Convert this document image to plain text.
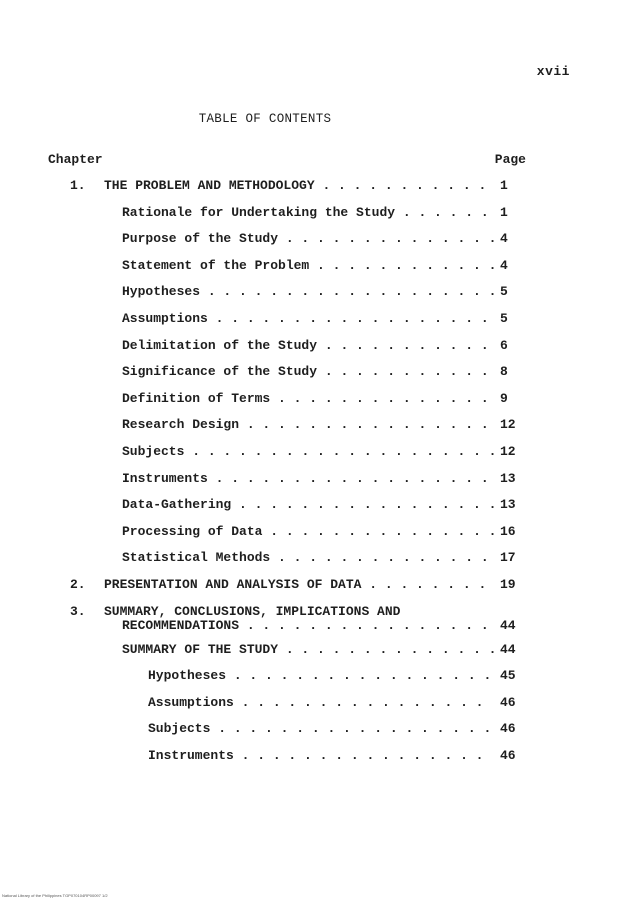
xvii
TABLE OF CONTENTS
Chapter	Page
1. THE PROBLEM AND METHODOLOGY . . .	1
Rationale for Undertaking the Study . . .	1
Purpose of the Study . . .	4
Statement of the Problem . . .	4
Hypotheses . . .	5
Assumptions . . .	5
Delimitation of the Study . . .	6
Significance of the Study . . .	8
Definition of Terms . . .	9
Research Design . . .	12
Subjects . . .	12
Instruments . . .	13
Data-Gathering . . .	13
Processing of Data . . .	16
Statistical Methods . . .	17
2. PRESENTATION AND ANALYSIS OF DATA . . .	19
3. SUMMARY, CONCLUSIONS, IMPLICATIONS AND
RECOMMENDATIONS . . .	44
SUMMARY OF THE STUDY . . .	44
Hypotheses . . .	45
Assumptions . . .	46
Subjects . . .	46
Instruments . . .	46
National Library of the Philippines TGP070104RP00097 1/2
